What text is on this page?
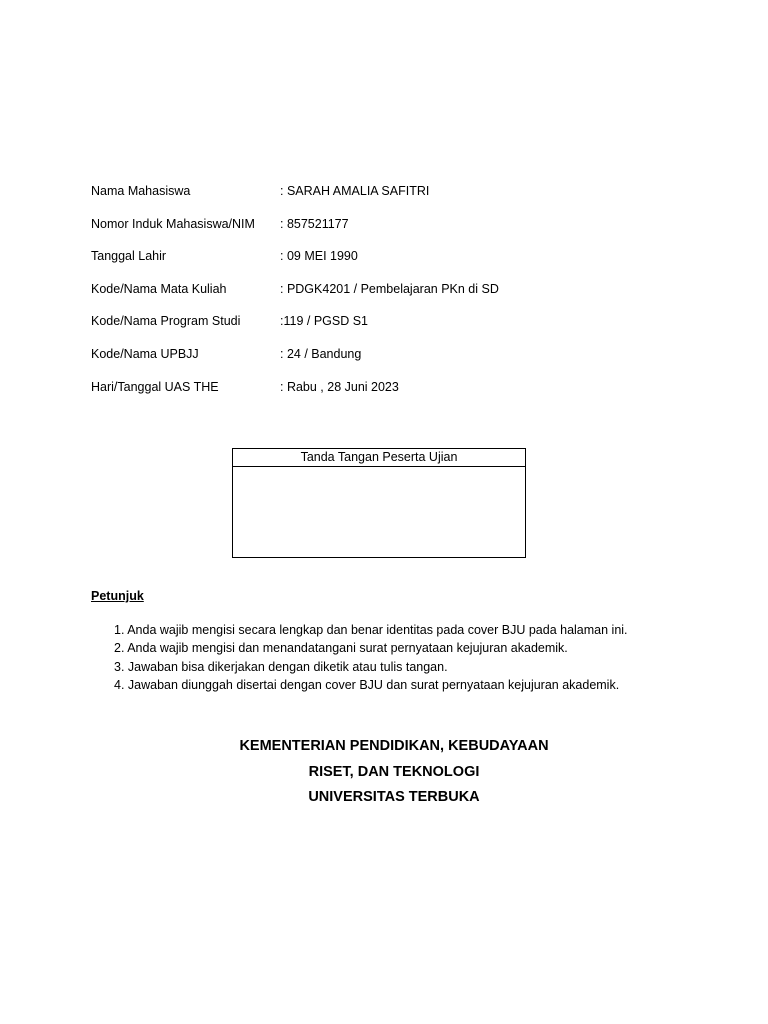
Nama Mahasiswa	: SARAH AMALIA SAFITRI
Nomor Induk Mahasiswa/NIM	: 857521177
Tanggal Lahir	: 09 MEI 1990
Kode/Nama Mata Kuliah	: PDGK4201 / Pembelajaran PKn di SD
Kode/Nama Program Studi	:119 / PGSD S1
Kode/Nama UPBJJ	: 24 / Bandung
Hari/Tanggal UAS THE	: Rabu , 28 Juni 2023
Tanda Tangan Peserta Ujian
Petunjuk
1. Anda wajib mengisi secara lengkap dan benar identitas pada cover BJU pada halaman ini.
2. Anda wajib mengisi dan menandatangani surat pernyataan kejujuran akademik.
3. Jawaban bisa dikerjakan dengan diketik atau tulis tangan.
4. Jawaban diunggah disertai dengan cover BJU dan surat pernyataan kejujuran akademik.
KEMENTERIAN PENDIDIKAN, KEBUDAYAAN
RISET, DAN TEKNOLOGI
UNIVERSITAS TERBUKA
